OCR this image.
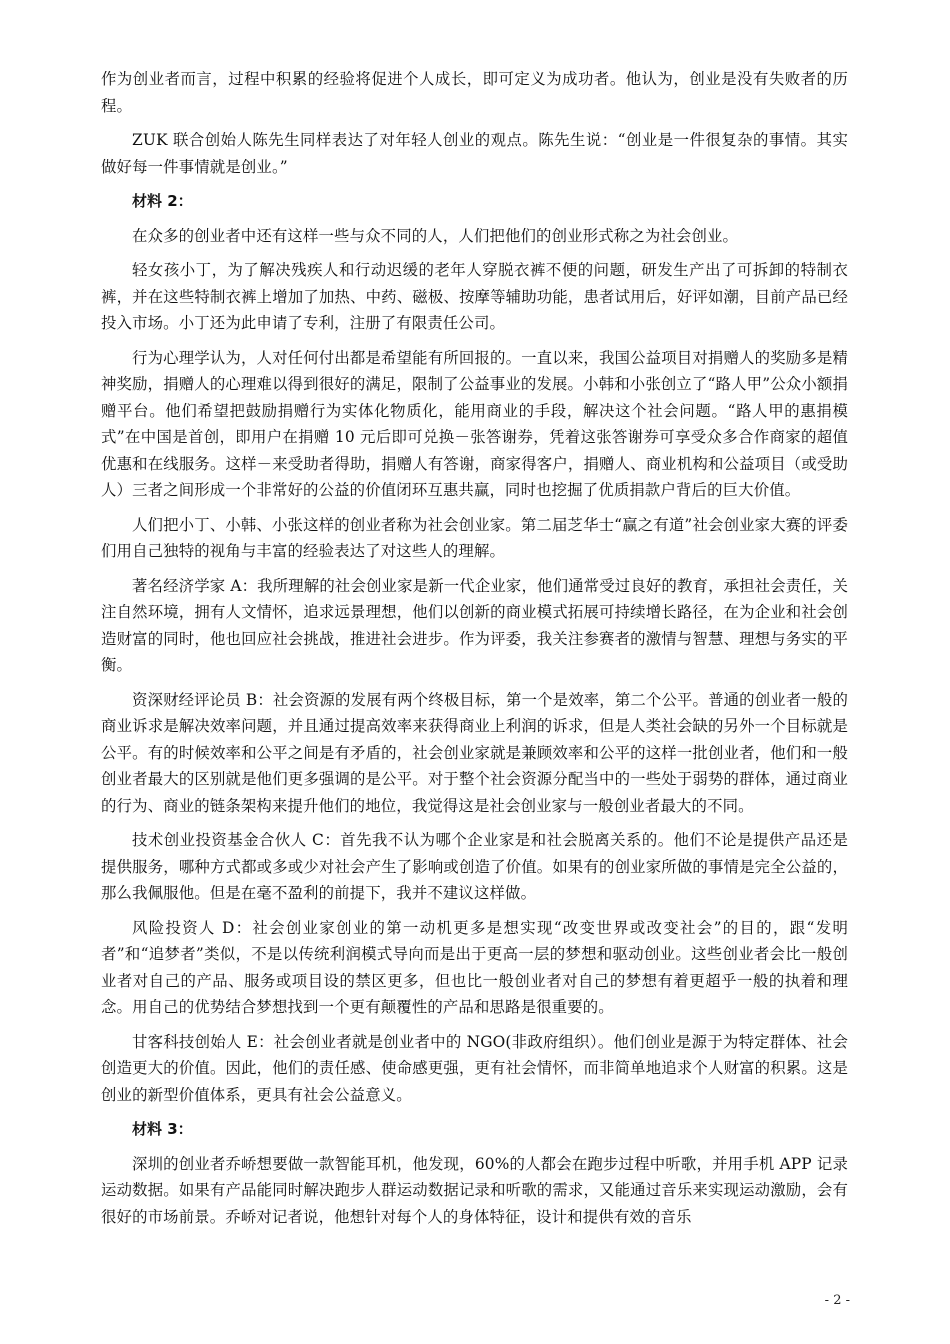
作为创业者而言，过程中积累的经验将促进个人成长，即可定义为成功者。他认为，创业是没有失败者的历程。

ZUK 联合创始人陈先生同样表达了对年轻人创业的观点。陈先生说：“创业是一件很复杂的事情。其实做好每一件事情就是创业。”

材料 2：

在众多的创业者中还有这样一些与众不同的人，人们把他们的创业形式称之为社会创业。

轻女孩小丁，为了解决残疾人和行动迟缓的老年人穿脱衣裤不便的问题，研发生产出了可拆卸的特制衣裤，并在这些特制衣裤上增加了加热、中药、磁极、按摩等辅助功能，患者试用后，好评如潮，目前产品已经投入市场。小丁还为此申请了专利，注册了有限责任公司。

行为心理学认为，人对任何付出都是希望能有所回报的。一直以来，我国公益项目对捐赠人的奖励多是精神奖励，捐赠人的心理难以得到很好的满足，限制了公益事业的发展。小韩和小张创立了“路人甲”公众小额捐赠平台。他们希望把鼓励捐赠行为实体化物质化，能用商业的手段，解决这个社会问题。“路人甲的惠捐模式”在中国是首创，即用户在捐赠 10 元后即可兑换－张答谢券，凭着这张答谢券可享受众多合作商家的超值优惠和在线服务。这样－来受助者得助，捐赠人有答谢，商家得客户，捐赠人、商业机构和公益项目（或受助人）三者之间形成一个非常好的公益的价值闭环互惠共赢，同时也挖掘了优质捐款户背后的巨大价值。

人们把小丁、小韩、小张这样的创业者称为社会创业家。第二届芝华士“赢之有道”社会创业家大赛的评委们用自己独特的视角与丰富的经验表达了对这些人的理解。

著名经济学家 A：我所理解的社会创业家是新一代企业家，他们通常受过良好的教育，承担社会责任，关注自然环境，拥有人文情怀，追求远景理想，他们以创新的商业模式拓展可持续增长路径，在为企业和社会创造财富的同时，他也回应社会挑战，推进社会进步。作为评委，我关注参赛者的激情与智慧、理想与务实的平衡。

资深财经评论员 B：社会资源的发展有两个终极目标，第一个是效率，第二个公平。普通的创业者一般的商业诉求是解决效率问题，并且通过提高效率来获得商业上利润的诉求，但是人类社会缺的另外一个目标就是公平。有的时候效率和公平之间是有矛盾的，社会创业家就是兼顾效率和公平的这样一批创业者，他们和一般创业者最大的区别就是他们更多强调的是公平。对于整个社会资源分配当中的一些处于弱势的群体，通过商业的行为、商业的链条架构来提升他们的地位，我觉得这是社会创业家与一般创业者最大的不同。

技术创业投资基金合伙人 C：首先我不认为哪个企业家是和社会脱离关系的。他们不论是提供产品还是提供服务，哪种方式都或多或少对社会产生了影响或创造了价值。如果有的创业家所做的事情是完全公益的，那么我佩服他。但是在毫不盈利的前提下，我并不建议这样做。

风险投资人 D：社会创业家创业的第一动机更多是想实现“改变世界或改变社会”的目的，跟“发明者”和“追梦者”类似，不是以传统利润模式导向而是出于更高一层的梦想和驱动创业。这些创业者会比一般创业者对自己的产品、服务或项目设的禁区更多，但也比一般创业者对自己的梦想有着更超乎一般的执着和理念。用自己的优势结合梦想找到一个更有颠覆性的产品和思路是很重要的。

甘客科技创始人 E：社会创业者就是创业者中的 NGO(非政府组织）。他们创业是源于为特定群体、社会创造更大的价值。因此，他们的责任感、使命感更强，更有社会情怀，而非简单地追求个人财富的积累。这是创业的新型价值体系，更具有社会公益意义。

材料 3：

深圳的创业者乔峤想要做一款智能耳机，他发现，60%的人都会在跑步过程中听歌，并用手机 APP 记录运动数据。如果有产品能同时解决跑步人群运动数据记录和听歌的需求，又能通过音乐来实现运动激励，会有很好的市场前景。乔峤对记者说，他想针对每个人的身体特征，设计和提供有效的音乐

- 2 -
